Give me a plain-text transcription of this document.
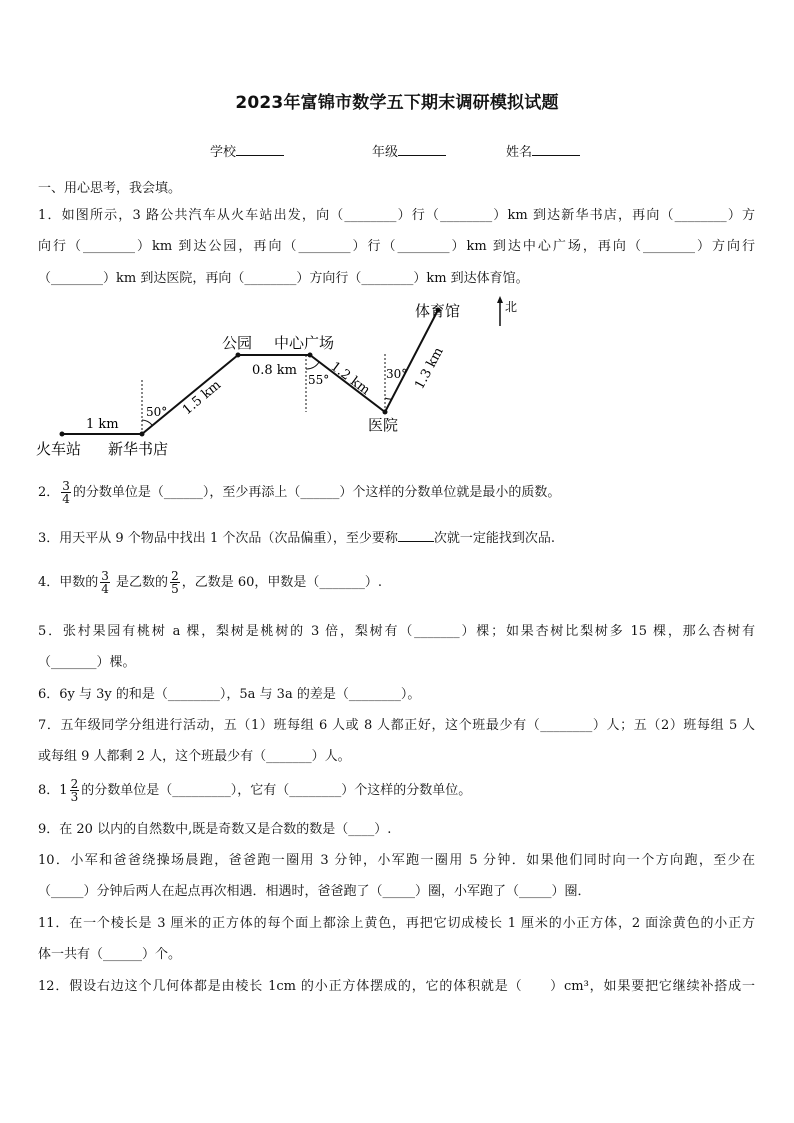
2023年富锦市数学五下期末调研模拟试题
学校	年级	姓名
一、用心思考，我会填。
1．如图所示，3 路公共汽车从火车站出发，向（________）行（________）km 到达新华书店，再向（________）方
向行（________）km 到达公园，再向（________）行（________）km 到达中心广场，再向（________）方向行
（________）km 到达医院，再向（________）方向行（________）km 到达体育馆。
北
火车站 新华书店
公园 中心广场
医院
体育馆
1 km
1.5 km
0.8 km 1.2 km	1.3 km
50°
55°	30°
2． $\frac{3}{4}$ 的分数单位是（______），至少再添上（______）个这样的分数单位就是最小的质数。
3．用天平从 9 个物品中找出 1 个次品（次品偏重），至少要称	次就一定能找到次品.
4．甲数的 $\frac{3}{4}$ 是乙数的 $\frac{2}{5}$ ，乙数是 60，甲数是（_______）.
5．张村果园有桃树 a 棵，梨树是桃树的 3 倍，梨树有（_______）棵；如果杏树比梨树多 15 棵，那么杏树有
（_______）棵。
6．6y 与 3y 的和是（________），5a 与 3a 的差是（________）。
7．五年级同学分组进行活动，五（1）班每组 6 人或 8 人都正好，这个班最少有（________）人；五（2）班每组 5 人
或每组 9 人都剩 2 人，这个班最少有（_______）人。
8．$1 \frac{2}{3}$ 的分数单位是（_________），它有（________）个这样的分数单位。
9．在 20 以内的自然数中,既是奇数又是合数的数是（____）.
10．小军和爸爸绕操场晨跑，爸爸跑一圈用 3 分钟，小军跑一圈用 5 分钟．如果他们同时向一个方向跑，至少在
（_____）分钟后两人在起点再次相遇．相遇时，爸爸跑了（_____）圈，小军跑了（_____）圈．
11．在一个棱长是 3 厘米的正方体的每个面上都涂上黄色，再把它切成棱长 1 厘米的小正方体，2 面涂黄色的小正方
体一共有（______）个。
12．假设右边这个几何体都是由棱长 1cm 的小正方体摆成的，它的体积就是（　　）cm³，如果要把它继续补搭成一
